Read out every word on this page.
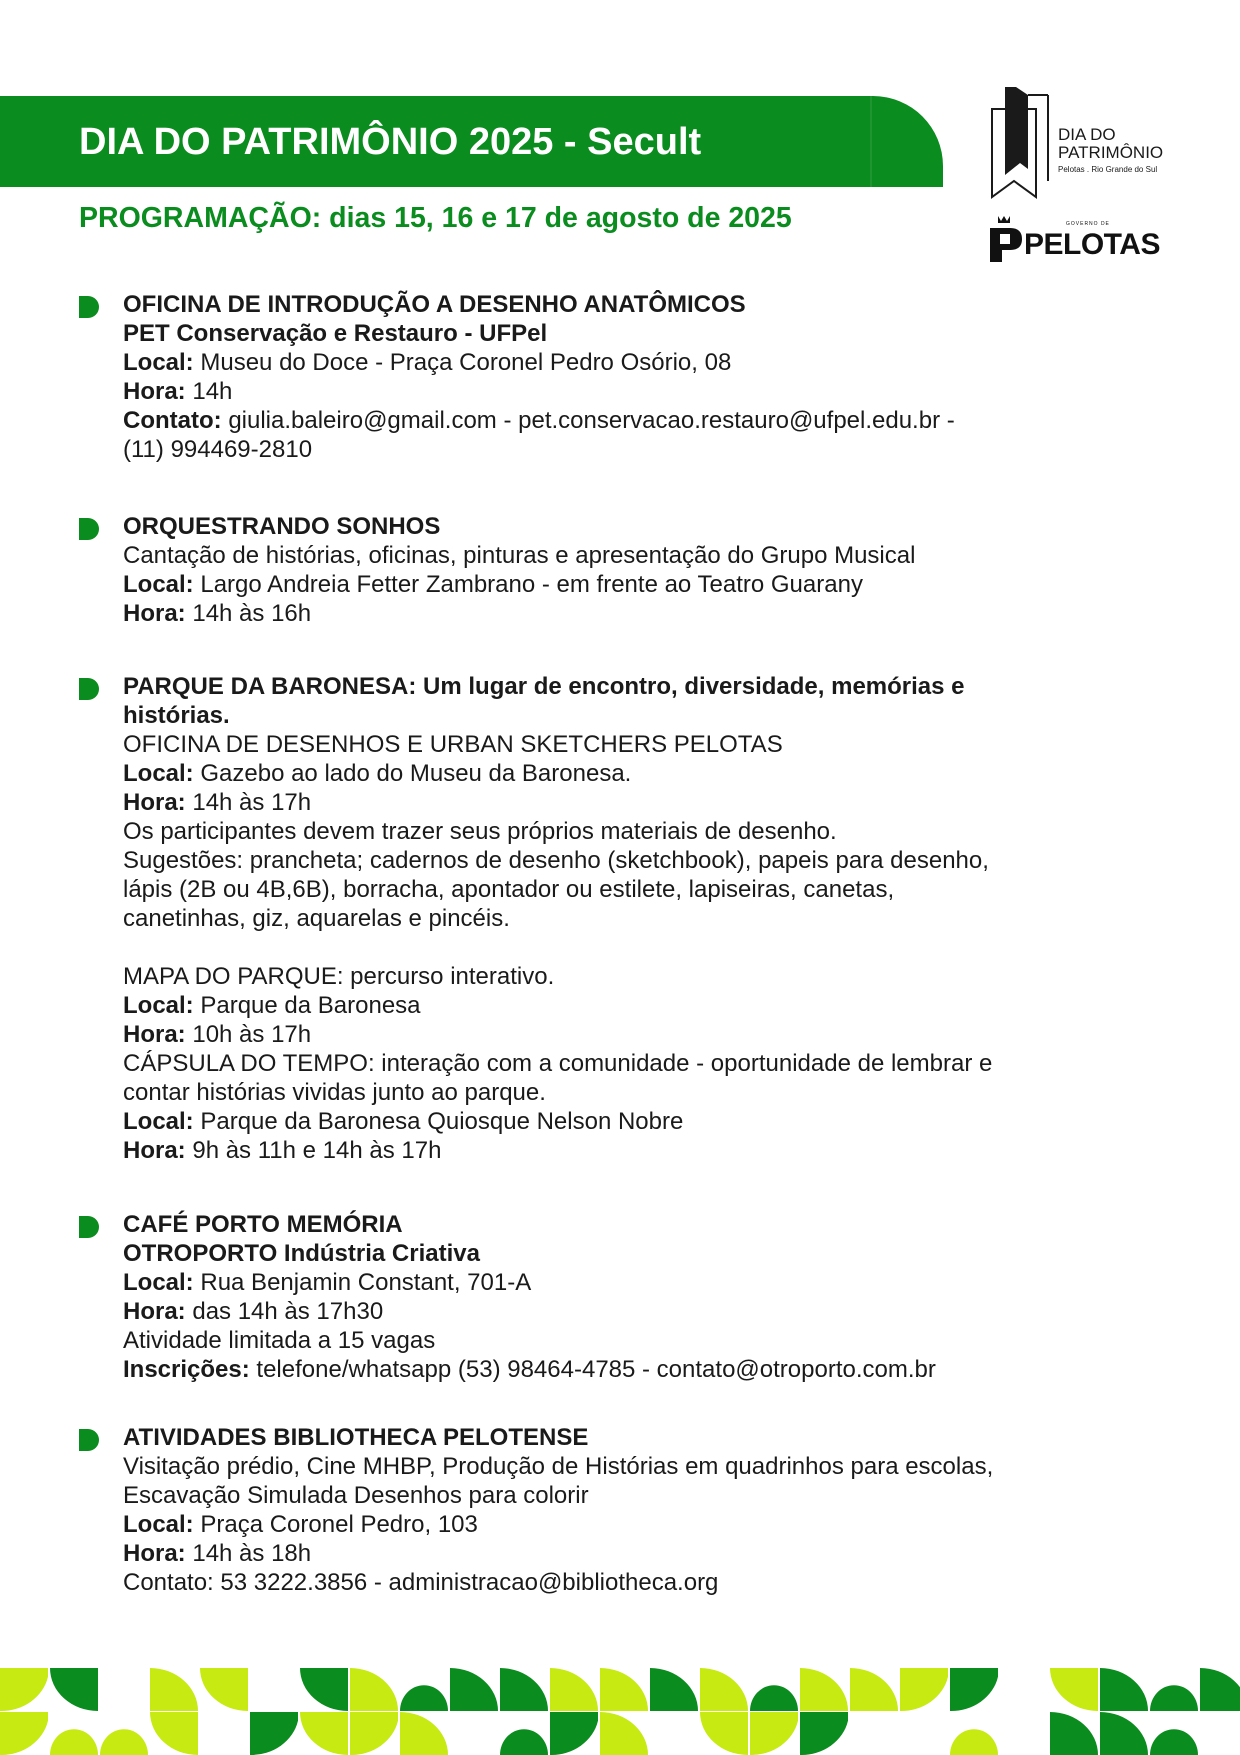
DIA DO PATRIMÔNIO 2025 - Secult
PROGRAMAÇÃO: dias 15, 16 e 17 de agosto de 2025
DIA DO
PATRIMÔNIO
Pelotas . Rio Grande do Sul
GOVERNO DE
PELOTAS

OFICINA DE INTRODUÇÃO A DESENHO ANATÔMICOS

PET Conservação e Restauro - UFPel

Local: Museu do Doce - Praça Coronel Pedro Osório, 08

Hora: 14h

Contato: giulia.baleiro@gmail.com - pet.conservacao.restauro@ufpel.edu.br -

(11) 994469-2810

ORQUESTRANDO SONHOS

Cantação de histórias, oficinas, pinturas e apresentação do Grupo Musical

Local: Largo Andreia Fetter Zambrano - em frente ao Teatro Guarany

Hora: 14h às 16h

PARQUE DA BARONESA: Um lugar de encontro, diversidade, memórias e

histórias.

OFICINA DE DESENHOS E URBAN SKETCHERS PELOTAS

Local: Gazebo ao lado do Museu da Baronesa.

Hora: 14h às 17h

Os participantes devem trazer seus próprios materiais de desenho.

Sugestões: prancheta; cadernos de desenho (sketchbook), papeis para desenho,

lápis (2B ou 4B,6B), borracha, apontador ou estilete, lapiseiras, canetas,

canetinhas, giz, aquarelas e pincéis.

MAPA DO PARQUE: percurso interativo.

Local: Parque da Baronesa

Hora: 10h às 17h

CÁPSULA DO TEMPO: interação com a comunidade - oportunidade de lembrar e

contar histórias vividas junto ao parque.

Local: Parque da Baronesa Quiosque Nelson Nobre

Hora: 9h às 11h e 14h às 17h

CAFÉ PORTO MEMÓRIA

OTROPORTO Indústria Criativa

Local: Rua Benjamin Constant, 701-A

Hora: das 14h às 17h30

Atividade limitada a 15 vagas

Inscrições: telefone/whatsapp (53) 98464-4785 - contato@otroporto.com.br

ATIVIDADES BIBLIOTHECA PELOTENSE

Visitação prédio, Cine MHBP, Produção de Histórias em quadrinhos para escolas,

Escavação Simulada Desenhos para colorir

Local: Praça Coronel Pedro, 103

Hora: 14h às 18h

Contato: 53 3222.3856 - administracao@bibliotheca.org
